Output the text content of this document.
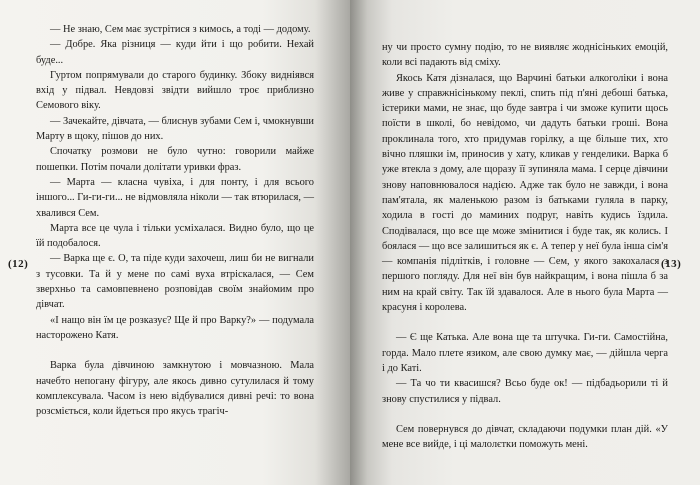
— Не знаю, Сем має зустрітися з кимось, а тоді — додому.

— Добре. Яка різниця — куди йти і що робити. Нехай буде...

Гуртом попрямували до старого будинку. Збоку видніявся вхід у підвал. Невдовзі звідти вийшло троє приблизно Семового віку.

— Зачекайте, дівчата, — блиснув зубами Сем і, чмокнувши Марту в щоку, пішов до них.

Спочатку розмови не було чутно: говорили майже пошепки. Потім почали долітати уривки фраз.

— Марта — класна чувіха, і для понту, і для всього іншого... Ги-ги-ги... не відмовляла ніколи — так втюрилася, — хвалився Сем.

Марта все це чула і тільки усміхалася. Видно було, що це їй подобалося.

— Варка ще є. О, та піде куди захочеш, лиш би не вигнали з тусовки. Та й у мене по самі вуха втріскалася, — Сем зверхньо та самовпевнено розповідав своїм знайомим про дівчат.

«І нащо він їм це розказує? Ще й про Варку?» — подумала настороженo Катя.

Варка була дівчиною замкнутою і мовчазною. Мала начебто непогану фігуру, але якось дивно сутулилася й тому комплексувала. Часом із нею відбувалися дивні речі: то вона розсміється, коли йдеться про якусь трагіч-

ну чи просто сумну подію, то не виявляє жоднісіньких емоцій, коли всі падають від сміху.

Якось Катя дізналася, що Варчині батьки алкоголіки і вона живе у справжнісінькому пеклі, спить під п'яні дебоші батька, істерики мами, не знає, що буде завтра і чи зможе купити щось поїсти в школі, бо невідомо, чи дадуть батьки гроші. Вона проклинала того, хто придумав горілку, а ще більше тих, хто вічно пляшки ім, приносив у хату, кликав у генделики. Варка б уже втекла з дому, але щоразу її зупиняла мама. І серце дівчини знову наповнювалося надією. Адже так було не завжди, і вона пам'ятала, як маленькою разом із батьками гуляла в парку, ходила в гості до маминих подруг, навіть кудись їздила. Сподівалася, що все ще може змінитися і буде так, як колись. І боялася — що все залишиться як є. А тепер у неї була інша сім'я — компанія підлітків, і головне — Сем, у якого закохалася з першого погляду. Для неї він був найкращим, і вона пішла б за ним на край світу. Так їй здавалося. Але в нього була Марта — красуня і королева.

— Є ще Катька. Але вона ще та штучка. Ги-ги. Самостійна, горда. Мало плете язиком, але свою думку має, — дійшла черга і до Каті.

— Та чо ти квасишся? Всьо буде ок! — підбадьорили ті й знову спустилися у підвал.

Сем повернувся до дівчат, складаючи подумки план дій. «У мене все вийде, і ці малолєтки поможуть мені.

(12)	(13)
